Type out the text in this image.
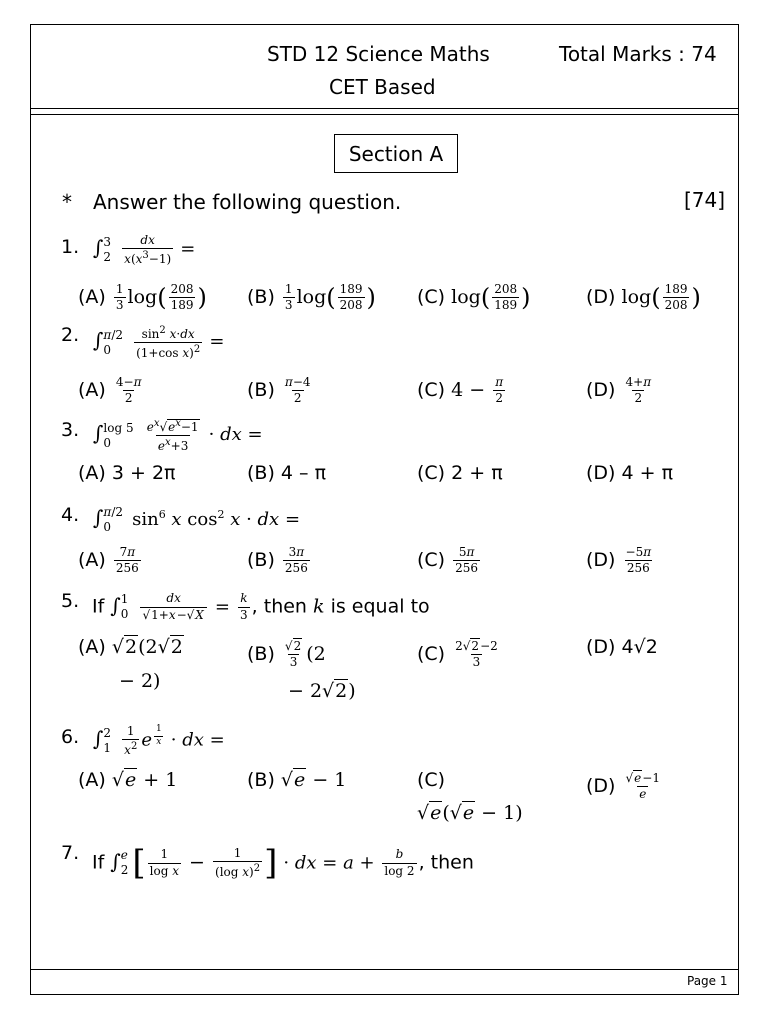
STD 12 Science Maths
CET Based
Total Marks : 74
Section A
* Answer the following question.	[74]
1. ∫ 3
2
$\frac{dx}{x(x^3-1)}$ =
$(A) \frac{1}{3} \log( \frac{208}{189}$ ) $(B) \frac{1}{3} \log( \frac{189}{208}$ ) (C) $\log( \frac{208}{189}$ )	(D) $\log( \frac{189}{208}$ )
2. ∫ π/2
0
	$\frac{\sin^2 x\cdot dx}{(1+\cos x)^2}$ =
$(A) \frac{4-\pi}{2}$	$(B) \frac{\pi-4}{2}$	(C) $4 - \frac{\pi}{2}$	$(D) \frac{4+\pi}{2}$
3. ∫ log 5
0
	$\frac{e^x√e^x-1}{e^x+3}$ · dx =
(A) 3 + 2π	(B) 4 – π	(C) 2 + π	(D) 4 + π
4. ∫ π/2
0	$\sin^6 x$ $\cos^2 x$ · dx =
$(A) \frac{7\pi}{256}$	$(B) \frac{3\pi}{256}$	$(C) \frac{5\pi}{256}$	$(D) \frac{-5\pi}{256}$
5. If ∫ 1
0
$\frac{dx}{√1+x-√X} = \frac{k}{3}$ , then k is equal to
(A) √2(2√2
− 2)
$(B) \frac{√2}{3} (2$
− 2√2)
$(C) \frac{2√2-2}{3}$	(D) 4√2
6. ∫ 2
1
$\frac{1}{x^2}$ e $^{\frac{1}{x}}$ · dx =
(A) √e + 1	(B) √e − 1	(C)
√e(√e − 1)
$(D) \frac{√e-1}{e}$
7. If ∫ e
2 [ $\frac{1}{\text{log x}} - \frac{1}{(\log x)^2}$ ] · dx = $a + \frac{b}{\log 2}$ , then
Page 1
